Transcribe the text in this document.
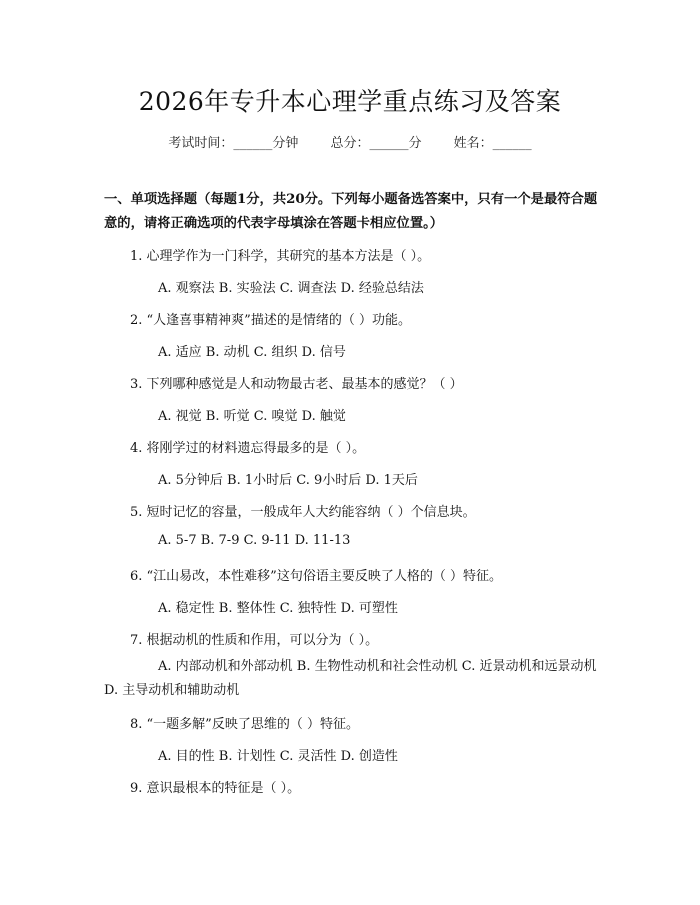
2026年专升本心理学重点练习及答案
考试时间：______分钟 总分：______分 姓名：______
一、单项选择题（每题1分，共20分。下列每小题备选答案中，只有一个是最符合题意的，请将正确选项的代表字母填涂在答题卡相应位置。）
1. 心理学作为一门科学，其研究的基本方法是（ ）。
A. 观察法 B. 实验法 C. 调查法 D. 经验总结法
2. “人逢喜事精神爽”描述的是情绪的（ ）功能。
A. 适应 B. 动机 C. 组织 D. 信号
3. 下列哪种感觉是人和动物最古老、最基本的感觉？（ ）
A. 视觉 B. 听觉 C. 嗅觉 D. 触觉
4. 将刚学过的材料遗忘得最多的是（ ）。
A. 5分钟后 B. 1小时后 C. 9小时后 D. 1天后
5. 短时记忆的容量，一般成年人大约能容纳（ ）个信息块。
A. 5-7 B. 7-9 C. 9-11 D. 11-13
6. “江山易改，本性难移”这句俗语主要反映了人格的（ ）特征。
A. 稳定性 B. 整体性 C. 独特性 D. 可塑性
7. 根据动机的性质和作用，可以分为（ ）。
A. 内部动机和外部动机 B. 生物性动机和社会性动机 C. 近景动机和远景动机 D. 主导动机和辅助动机
8. “一题多解”反映了思维的（ ）特征。
A. 目的性 B. 计划性 C. 灵活性 D. 创造性
9. 意识最根本的特征是（ ）。
